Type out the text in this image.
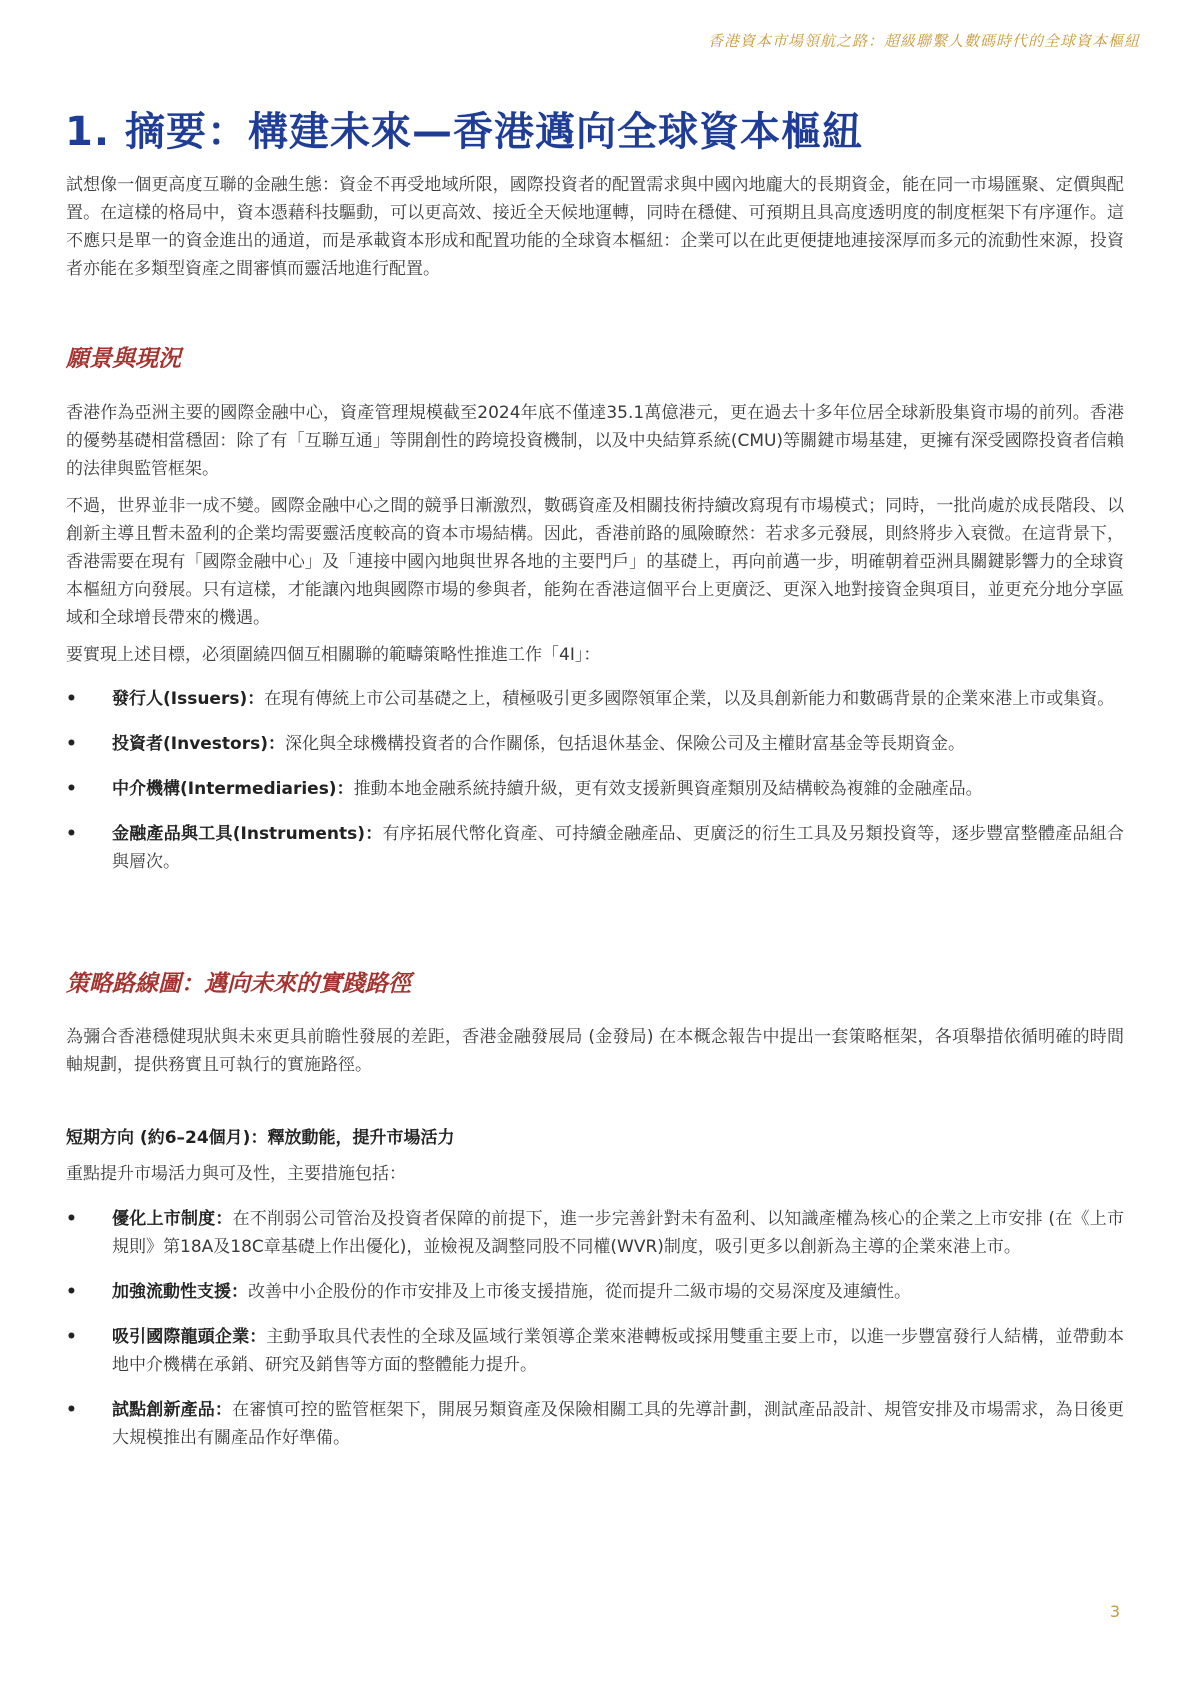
香港資本市場領航之路：超級聯繫人數碼時代的全球資本樞紐
1. 摘要：構建未來—香港邁向全球資本樞紐

試想像一個更高度互聯的金融生態：資金不再受地域所限，國際投資者的配置需求與中國內地龐大的長期資金，能在同一市場匯聚、定價與配置。在這樣的格局中，資本憑藉科技驅動，可以更高效、接近全天候地運轉，同時在穩健、可預期且具高度透明度的制度框架下有序運作。這不應只是單一的資金進出的通道，而是承載資本形成和配置功能的全球資本樞紐：企業可以在此更便捷地連接深厚而多元的流動性來源，投資者亦能在多類型資產之間審慎而靈活地進行配置。

願景與現況

香港作為亞洲主要的國際金融中心，資產管理規模截至2024年底不僅達35.1萬億港元，更在過去十多年位居全球新股集資市場的前列。香港的優勢基礎相當穩固：除了有「互聯互通」等開創性的跨境投資機制，以及中央結算系統(CMU)等關鍵市場基建，更擁有深受國際投資者信賴的法律與監管框架。

不過，世界並非一成不變。國際金融中心之間的競爭日漸激烈，數碼資產及相關技術持續改寫現有市場模式；同時，一批尚處於成長階段、以創新主導且暫未盈利的企業均需要靈活度較高的資本市場結構。因此，香港前路的風險瞭然：若求多元發展，則終將步入衰微。在這背景下，香港需要在現有「國際金融中心」及「連接中國內地與世界各地的主要門戶」的基礎上，再向前邁一步，明確朝着亞洲具關鍵影響力的全球資本樞紐方向發展。只有這樣，才能讓內地與國際市場的參與者，能夠在香港這個平台上更廣泛、更深入地對接資金與項目，並更充分地分享區域和全球增長帶來的機遇。

要實現上述目標，必須圍繞四個互相關聯的範疇策略性推進工作「4I」：

• 發行人(Issuers)：在現有傳統上市公司基礎之上，積極吸引更多國際領軍企業，以及具創新能力和數碼背景的企業來港上市或集資。
• 投資者(Investors)：深化與全球機構投資者的合作關係，包括退休基金、保險公司及主權財富基金等長期資金。
• 中介機構(Intermediaries)：推動本地金融系統持續升級，更有效支援新興資產類別及結構較為複雜的金融產品。
• 金融產品與工具(Instruments)：有序拓展代幣化資產、可持續金融產品、更廣泛的衍生工具及另類投資等，逐步豐富整體產品組合與層次。
策略路線圖：邁向未來的實踐路徑

為彌合香港穩健現狀與未來更具前瞻性發展的差距，香港金融發展局 (金發局) 在本概念報告中提出一套策略框架，各項舉措依循明確的時間軸規劃，提供務實且可執行的實施路徑。

短期方向 (約6–24個月)：釋放動能，提升市場活力

重點提升市場活力與可及性，主要措施包括：

• 優化上市制度：在不削弱公司管治及投資者保障的前提下，進一步完善針對未有盈利、以知識產權為核心的企業之上市安排 (在《上市規則》第18A及18C章基礎上作出優化)，並檢視及調整同股不同權(WVR)制度，吸引更多以創新為主導的企業來港上市。
• 加強流動性支援：改善中小企股份的作市安排及上市後支援措施，從而提升二級市場的交易深度及連續性。
• 吸引國際龍頭企業：主動爭取具代表性的全球及區域行業領導企業來港轉板或採用雙重主要上市，以進一步豐富發行人結構，並帶動本地中介機構在承銷、研究及銷售等方面的整體能力提升。
• 試點創新產品：在審慎可控的監管框架下，開展另類資產及保險相關工具的先導計劃，測試產品設計、規管安排及市場需求，為日後更大規模推出有關產品作好準備。
3
